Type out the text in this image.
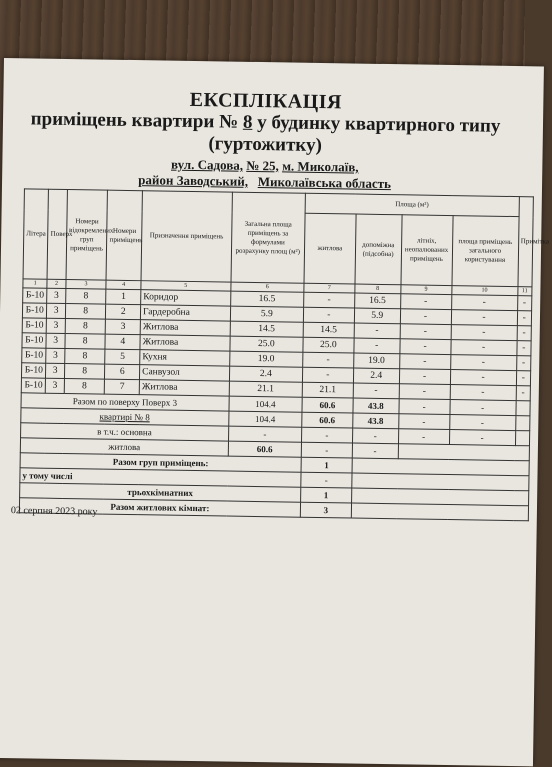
ЕКСПЛІКАЦІЯ
приміщень квартири № 8 у будинку квартирного типу
(гуртожитку)
вул. Садова, № 25, м. Миколаїв,
район Заводський, Миколаївська область
Літера	Поверх	Номери відокремлених груп приміщень	Номери приміщень	Призначення приміщень	Загальна площа приміщень за формулами розрахунку площ (м²)	Площа (м²)				Примітка
						житлова	допоміжна (підсобна)	літніх, неопалюваних приміщень	площа приміщень загального користування	
1	2	3	4	5	6	7	8	9	10	11
Б-10	3	8	1	Коридор	16.5	-	16.5	-	-	-
Б-10	3	8	2	Гардеробна	5.9	-	5.9	-	-	-
Б-10	3	8	3	Житлова	14.5	14.5	-	-	-	-
Б-10	3	8	4	Житлова	25.0	25.0	-	-	-	-
Б-10	3	8	5	Кухня	19.0	-	19.0	-	-	-
Б-10	3	8	6	Санвузол	2.4	-	2.4	-	-	-
Б-10	3	8	7	Житлова	21.1	21.1	-	-	-	-
Разом по поверху Поверх 3					104.4	60.6	43.8	-	-	
квартирі № 8					104.4	60.6	43.8	-	-	
в т.ч.: основна					-	-	-	-	-	
житлова					60.6	-	-			
Разом груп приміщень:						1				
у тому числі						-				
трьохкімнатних						1				
Разом житлових кімнат:						3				
02 серпня 2023 року
